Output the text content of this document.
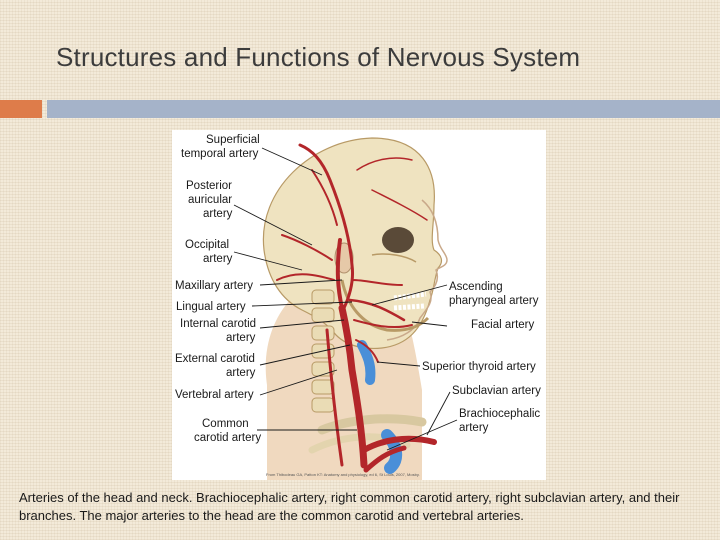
Structures and Functions of Nervous System
Superficial temporal artery
Posterior auricular artery
Occipital artery
Maxillary artery
Lingual artery
Internal carotid artery
External carotid artery
Vertebral artery
Common carotid artery
Ascending pharyngeal artery
Facial artery
Superior thyroid artery
Subclavian artery
Brachiocephalic artery
From Thibodeau GA, Patton KT: Anatomy and physiology, ed 6, St Louis, 2007, Mosby.
Arteries of the head and neck. Brachiocephalic artery, right common carotid artery, right subclavian artery, and their branches. The major arteries to the head are the common carotid and vertebral arteries.
